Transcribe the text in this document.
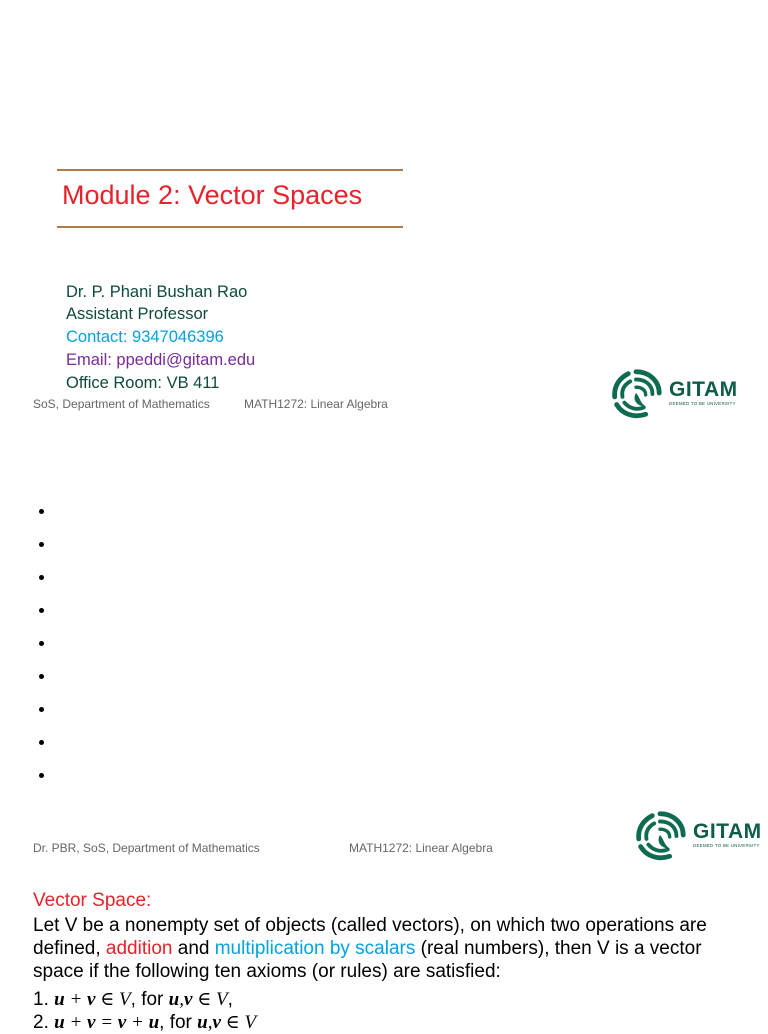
Module 2: Vector Spaces
Dr. P. Phani Bushan Rao
Assistant Professor
Contact: 9347046396
Email: ppeddi@gitam.edu
Office Room: VB 411
SoS, Department of Mathematics	MATH1272: Linear Algebra
GITAM
DEEMED TO BE UNIVERSITY
Dr. PBR, SoS, Department of Mathematics	MATH1272: Linear Algebra
GITAM
DEEMED TO BE UNIVERSITY
Vector Space:
Let V be a nonempty set of objects (called vectors), on which two operations are defined, addition and multiplication by scalars (real numbers), then V is a vector space if the following ten axioms (or rules) are satisfied:
1. u + v ∈ V, for u,v ∈ V,
2. u + v = v + u, for u,v ∈ V
